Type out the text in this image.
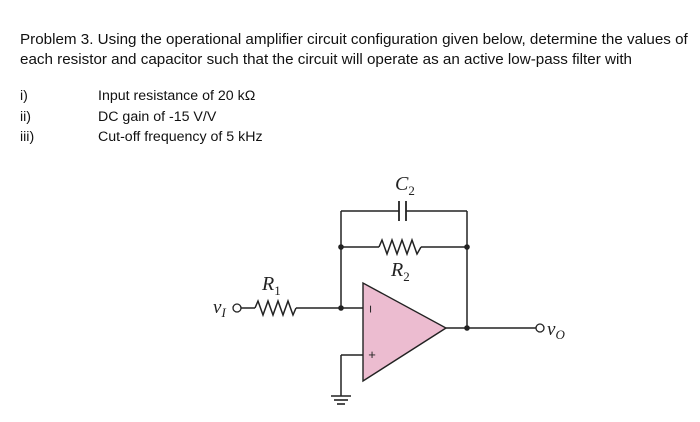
Problem 3. Using the operational amplifier circuit configuration given below, determine the values of
each resistor and capacitor such that the circuit will operate as an active low-pass filter with
i)	Input resistance of 20 kΩ
ii)	DC gain of -15 V/V
iii)	Cut-off frequency of 5 kHz
−
+
$C_2$
$R_2$
$R_1$
$v_I$
$v_O$
